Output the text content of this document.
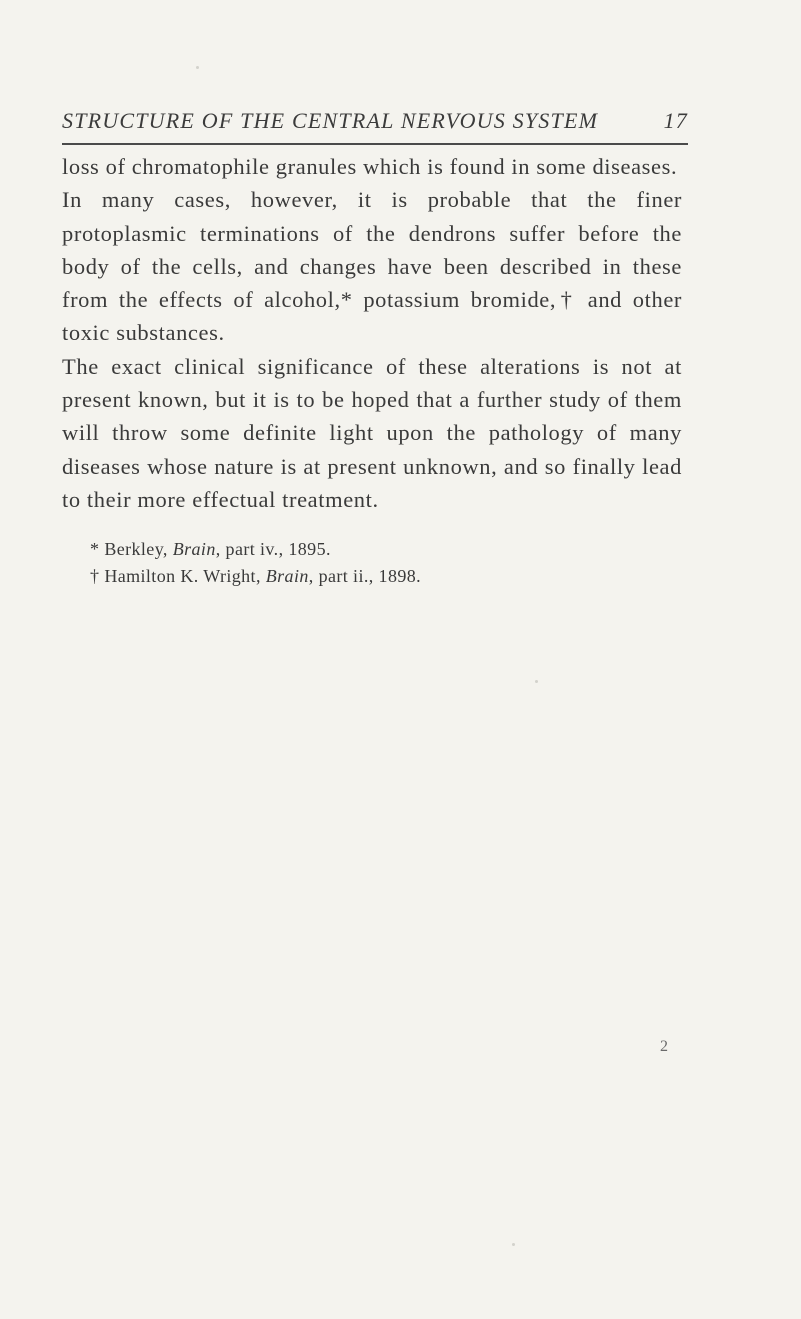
STRUCTURE OF THE CENTRAL NERVOUS SYSTEM	17

loss of chromatophile granules which is found in some diseases.

In many cases, however, it is probable that the finer protoplasmic terminations of the dendrons suffer before the body of the cells, and changes have been described in these from the effects of alcohol,* potassium bromide,† and other toxic substances.

The exact clinical significance of these alterations is not at present known, but it is to be hoped that a further study of them will throw some definite light upon the pathology of many diseases whose nature is at present unknown, and so finally lead to their more effectual treatment.

* Berkley, Brain, part iv., 1895.

† Hamilton K. Wright, Brain, part ii., 1898.

2
